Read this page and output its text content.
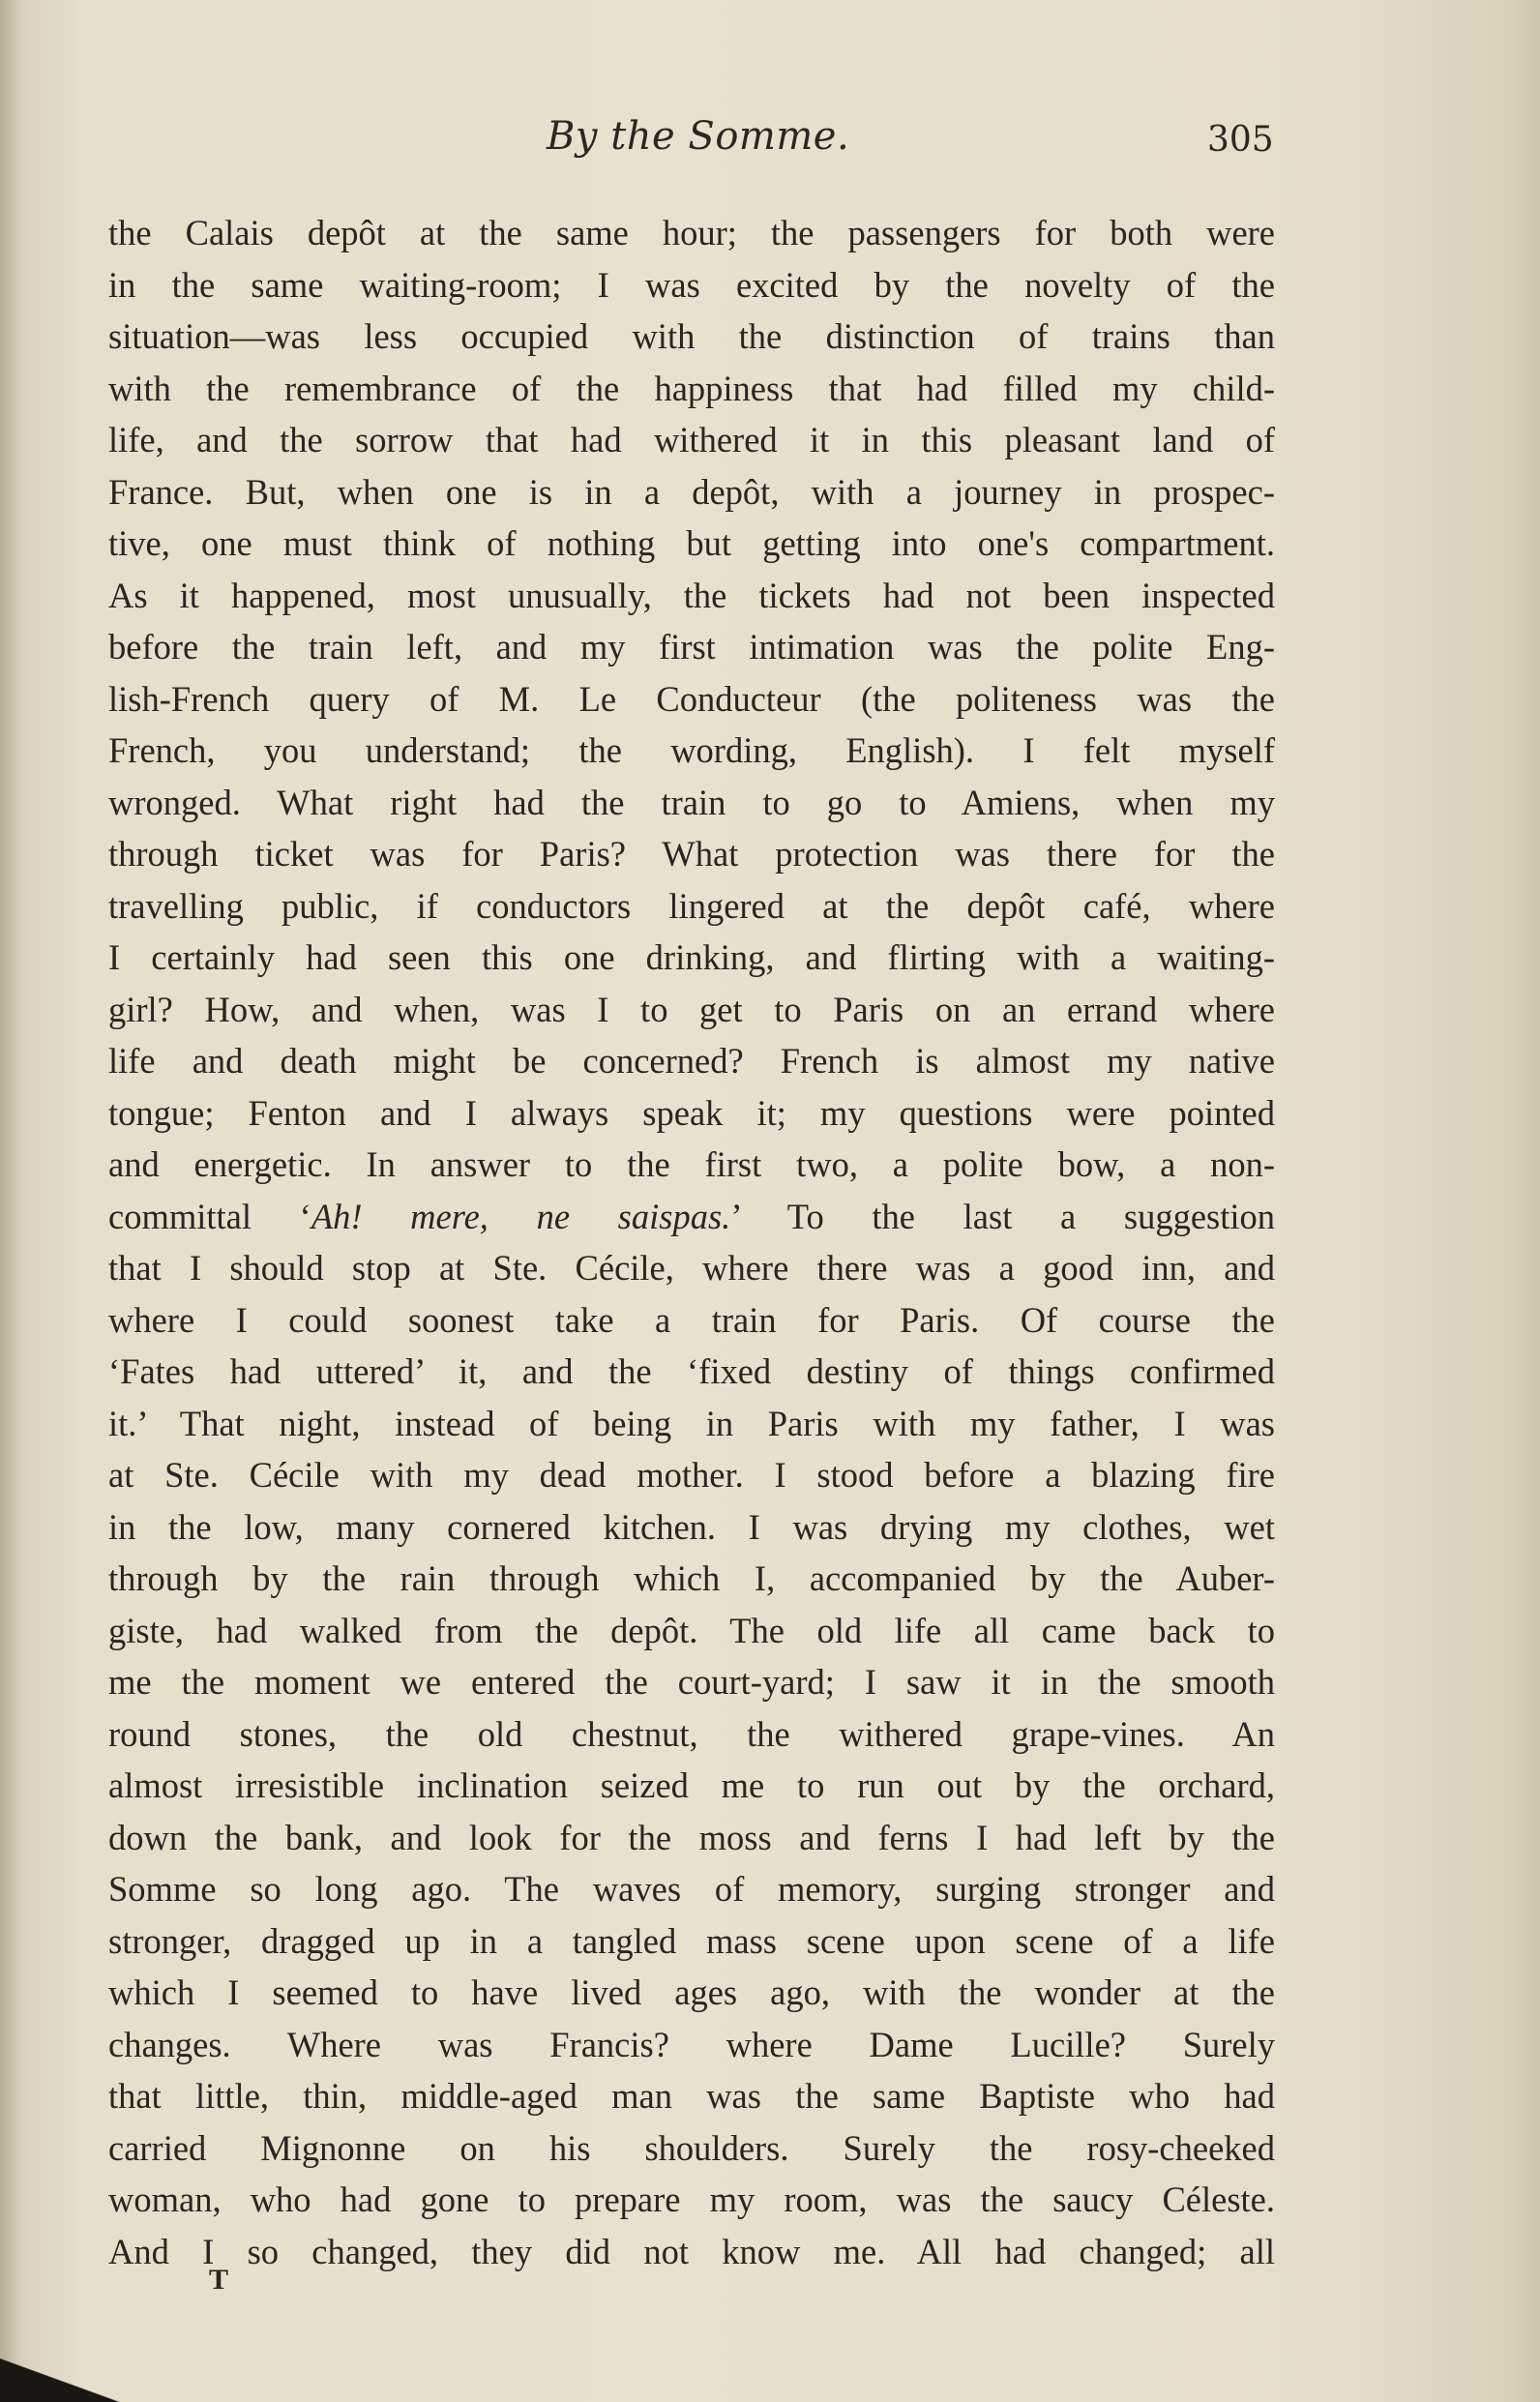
By the Somme.	305
the Calais depôt at the same hour; the passengers for both were
in the same waiting-room; I was excited by the novelty of the
situation—was less occupied with the distinction of trains than
with the remembrance of the happiness that had filled my child-
life, and the sorrow that had withered it in this pleasant land of
France. But, when one is in a depôt, with a journey in prospec-
tive, one must think of nothing but getting into one's compartment.
As it happened, most unusually, the tickets had not been inspected
before the train left, and my first intimation was the polite Eng-
lish-French query of M. Le Conducteur (the politeness was the
French, you understand; the wording, English). I felt myself
wronged. What right had the train to go to Amiens, when my
through ticket was for Paris? What protection was there for the
travelling public, if conductors lingered at the depôt café, where
I certainly had seen this one drinking, and flirting with a waiting-
girl? How, and when, was I to get to Paris on an errand where
life and death might be concerned? French is almost my native
tongue; Fenton and I always speak it; my questions were pointed
and energetic. In answer to the first two, a polite bow, a non-
committal ‘Ah! mere, ne saispas.’ To the last a suggestion
that I should stop at Ste. Cécile, where there was a good inn, and
where I could soonest take a train for Paris. Of course the
‘Fates had uttered’ it, and the ‘fixed destiny of things confirmed
it.’ That night, instead of being in Paris with my father, I was
at Ste. Cécile with my dead mother. I stood before a blazing fire
in the low, many cornered kitchen. I was drying my clothes, wet
through by the rain through which I, accompanied by the Auber-
giste, had walked from the depôt. The old life all came back to
me the moment we entered the court-yard; I saw it in the smooth
round stones, the old chestnut, the withered grape-vines. An
almost irresistible inclination seized me to run out by the orchard,
down the bank, and look for the moss and ferns I had left by the
Somme so long ago. The waves of memory, surging stronger and
stronger, dragged up in a tangled mass scene upon scene of a life
which I seemed to have lived ages ago, with the wonder at the
changes. Where was Francis? where Dame Lucille? Surely
that little, thin, middle-aged man was the same Baptiste who had
carried Mignonne on his shoulders. Surely the rosy-cheeked
woman, who had gone to prepare my room, was the saucy Céleste.
And I so changed, they did not know me. All had changed; all
T
